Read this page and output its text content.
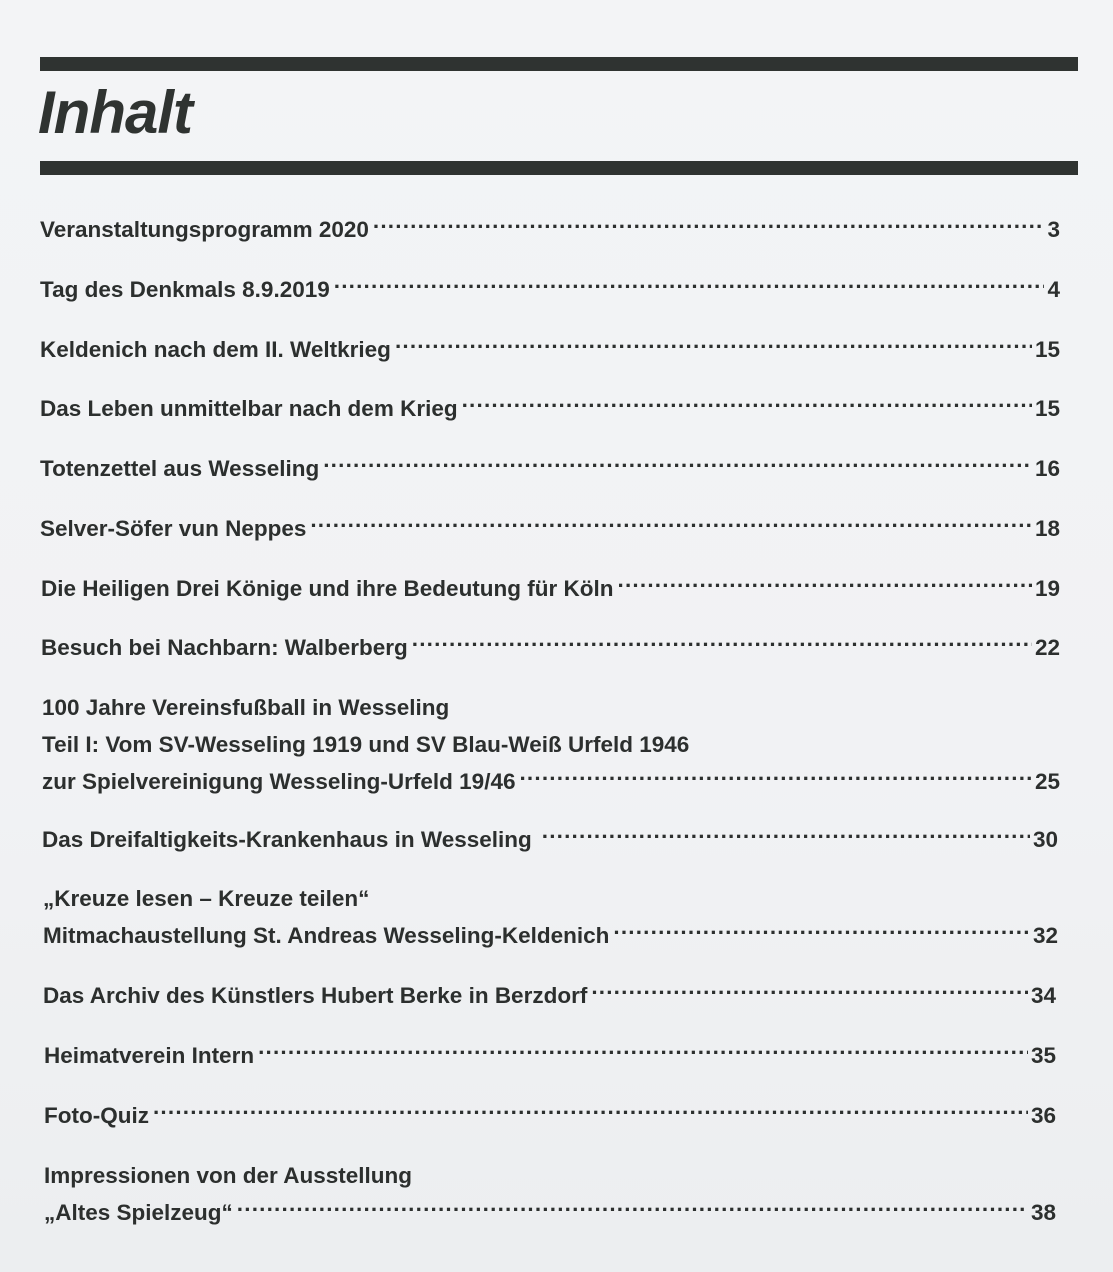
Inhalt
Veranstaltungsprogramm 2020 .....	3
Tag des Denkmals 8.9.2019 .....	4
Keldenich nach dem II. Weltkrieg .....	15
Das Leben unmittelbar nach dem Krieg .....	15
Totenzettel aus Wesseling .....	16
Selver-Söfer vun Neppes .....	18
Die Heiligen Drei Könige und ihre Bedeutung für Köln .....	19
Besuch bei Nachbarn: Walberberg .....	22
100 Jahre Vereinsfußball in Wesseling
Teil I: Vom SV-Wesseling 1919 und SV Blau-Weiß Urfeld 1946
zur Spielvereinigung Wesseling-Urfeld 19/46 .....	25
Das Dreifaltigkeits-Krankenhaus in Wesseling .....	30
„Kreuze lesen – Kreuze teilen“
Mitmachaustellung St. Andreas Wesseling-Keldenich .....	32
Das Archiv des Künstlers Hubert Berke in Berzdorf .....	34
Heimatverein Intern .....	35
Foto-Quiz .....	36
Impressionen von der Ausstellung
„Altes Spielzeug“ .....	38
